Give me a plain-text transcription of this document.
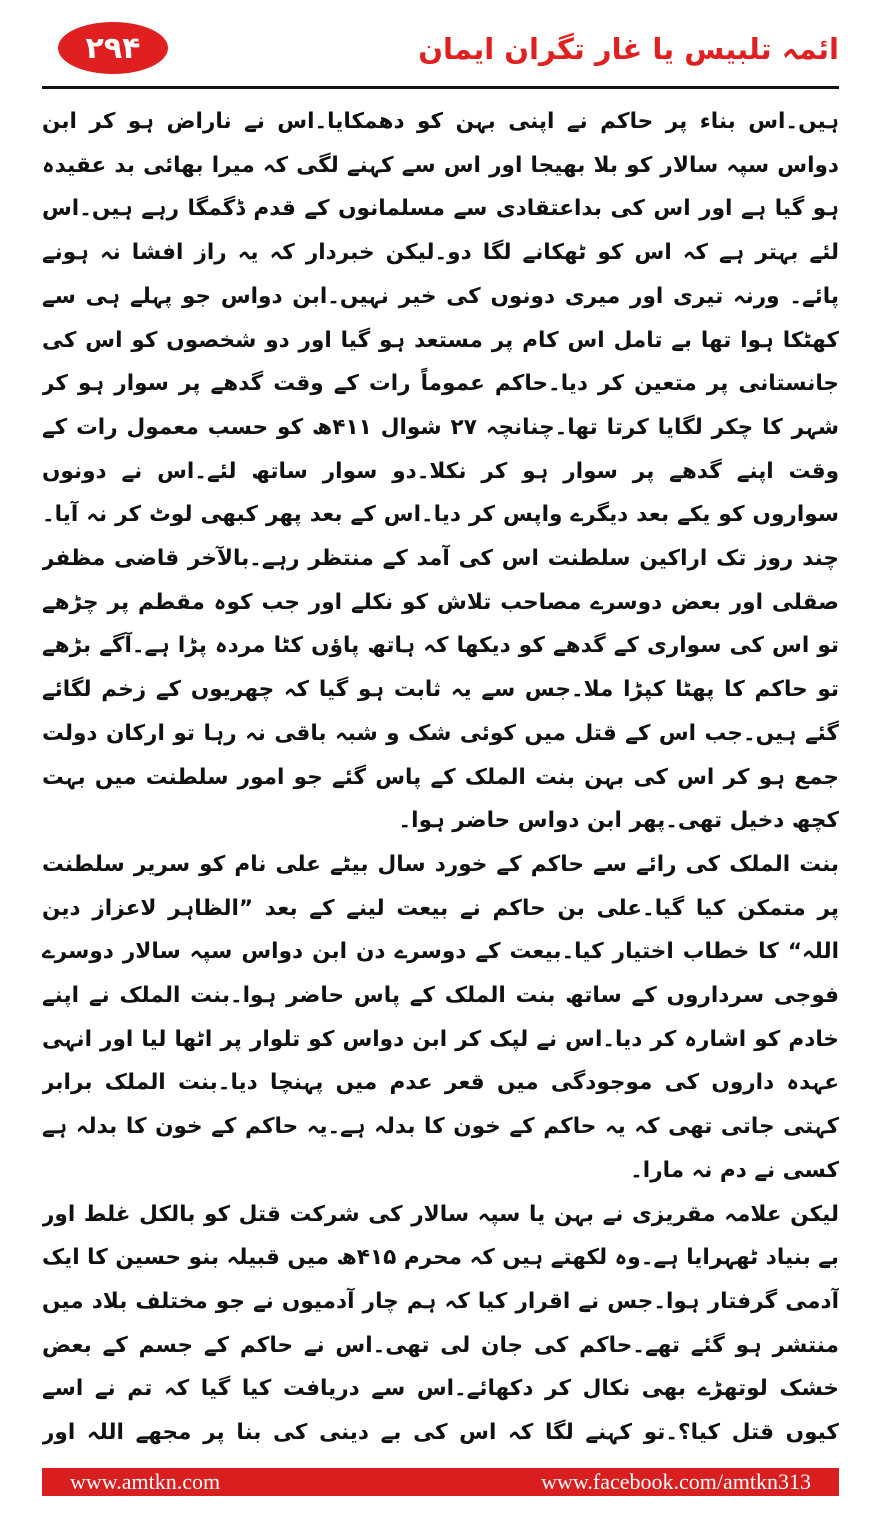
۲۹۴	ائمہ تلبیس یا غار تگران ایمان

ہیں۔اس بناء پر حاکم نے اپنی بہن کو دھمکایا۔اس نے ناراض ہو کر ابن دواس سپہ سالار کو بلا بھیجا اور اس سے کہنے لگی کہ میرا بھائی بد عقیدہ ہو گیا ہے اور اس کی بداعتقادی سے مسلمانوں کے قدم ڈگمگا رہے ہیں۔اس لئے بہتر ہے کہ اس کو ٹھکانے لگا دو۔لیکن خبردار کہ یہ راز افشا نہ ہونے پائے۔ ورنہ تیری اور میری دونوں کی خیر نہیں۔ابن دواس جو پہلے ہی سے کھٹکا ہوا تھا بے تامل اس کام پر مستعد ہو گیا اور دو شخصوں کو اس کی جانستانی پر متعین کر دیا۔حاکم عموماً رات کے وقت گدھے پر سوار ہو کر شہر کا چکر لگایا کرتا تھا۔چنانچہ ۲۷ شوال ۴۱۱ھ کو حسب معمول رات کے وقت اپنے گدھے پر سوار ہو کر نکلا۔دو سوار ساتھ لئے۔اس نے دونوں سواروں کو یکے بعد دیگرے واپس کر دیا۔اس کے بعد پھر کبھی لوٹ کر نہ آیا۔چند روز تک اراکین سلطنت اس کی آمد کے منتظر رہے۔بالآخر قاضی مظفر صقلی اور بعض دوسرے مصاحب تلاش کو نکلے اور جب کوہ مقطم پر چڑھے تو اس کی سواری کے گدھے کو دیکھا کہ ہاتھ پاؤں کٹا مردہ پڑا ہے۔آگے بڑھے تو حاکم کا پھٹا کپڑا ملا۔جس سے یہ ثابت ہو گیا کہ چھریوں کے زخم لگائے گئے ہیں۔جب اس کے قتل میں کوئی شک و شبہ باقی نہ رہا تو ارکان دولت جمع ہو کر اس کی بہن بنت الملک کے پاس گئے جو امور سلطنت میں بہت کچھ دخیل تھی۔پھر ابن دواس حاضر ہوا۔

بنت الملک کی رائے سے حاکم کے خورد سال بیٹے علی نام کو سریر سلطنت پر متمکن کیا گیا۔علی بن حاکم نے بیعت لینے کے بعد ”الظاہر لاعزاز دین اللہ“ کا خطاب اختیار کیا۔بیعت کے دوسرے دن ابن دواس سپہ سالار دوسرے فوجی سرداروں کے ساتھ بنت الملک کے پاس حاضر ہوا۔بنت الملک نے اپنے خادم کو اشارہ کر دیا۔اس نے لپک کر ابن دواس کو تلوار پر اٹھا لیا اور انہی عہدہ داروں کی موجودگی میں قعر عدم میں پہنچا دیا۔بنت الملک برابر کہتی جاتی تھی کہ یہ حاکم کے خون کا بدلہ ہے۔یہ حاکم کے خون کا بدلہ ہے کسی نے دم نہ مارا۔

لیکن علامہ مقریزی نے بہن یا سپہ سالار کی شرکت قتل کو بالکل غلط اور بے بنیاد ٹھہرایا ہے۔وہ لکھتے ہیں کہ محرم ۴۱۵ھ میں قبیلہ بنو حسین کا ایک آدمی گرفتار ہوا۔جس نے اقرار کیا کہ ہم چار آدمیوں نے جو مختلف بلاد میں منتشر ہو گئے تھے۔حاکم کی جان لی تھی۔اس نے حاکم کے جسم کے بعض خشک لوتھڑے بھی نکال کر دکھائے۔اس سے دریافت کیا گیا کہ تم نے اسے کیوں قتل کیا؟۔تو کہنے لگا کہ اس کی بے دینی کی بنا پر مجھے اللہ اور

www.amtkn.com	www.facebook.com/amtkn313
